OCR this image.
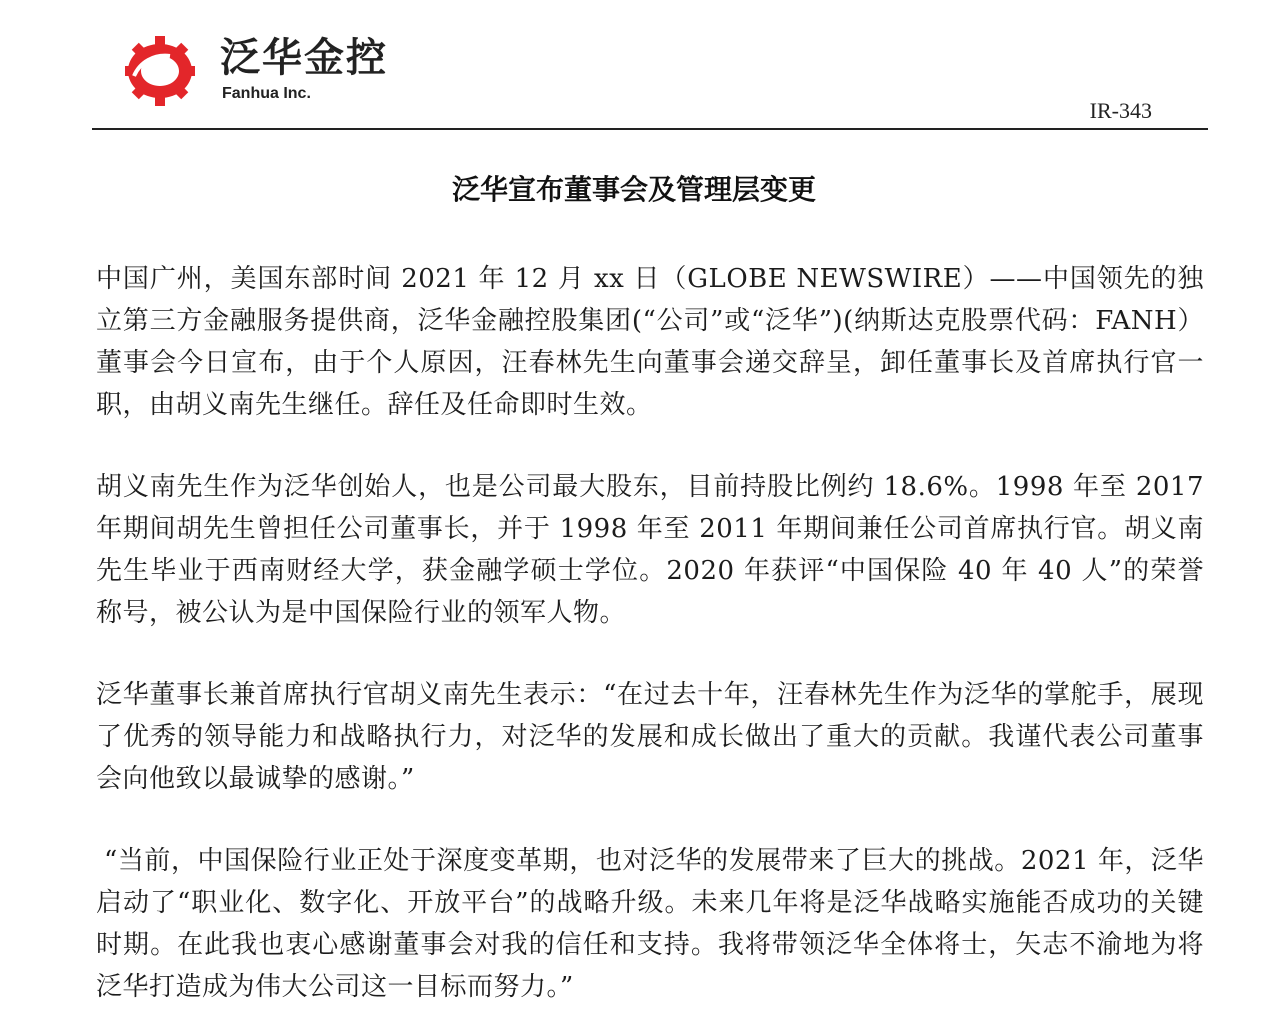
泛华金控
Fanhua Inc.
IR-343
泛华宣布董事会及管理层变更

中国广州，美国东部时间 2021 年 12 月 xx 日（GLOBE NEWSWIRE）——中国领先的独立第三方金融服务提供商，泛华金融控股集团(“公司”或“泛华”)(纳斯达克股票代码：FANH）董事会今日宣布，由于个人原因，汪春林先生向董事会递交辞呈，卸任董事长及首席执行官一职，由胡义南先生继任。辞任及任命即时生效。

胡义南先生作为泛华创始人，也是公司最大股东，目前持股比例约 18.6%。1998 年至 2017 年期间胡先生曾担任公司董事长，并于 1998 年至 2011 年期间兼任公司首席执行官。胡义南先生毕业于西南财经大学，获金融学硕士学位。2020 年获评“中国保险 40 年 40 人”的荣誉称号，被公认为是中国保险行业的领军人物。

泛华董事长兼首席执行官胡义南先生表示：“在过去十年，汪春林先生作为泛华的掌舵手，展现了优秀的领导能力和战略执行力，对泛华的发展和成长做出了重大的贡献。我谨代表公司董事会向他致以最诚挚的感谢。”

“当前，中国保险行业正处于深度变革期，也对泛华的发展带来了巨大的挑战。2021 年，泛华启动了“职业化、数字化、开放平台”的战略升级。未来几年将是泛华战略实施能否成功的关键时期。在此我也衷心感谢董事会对我的信任和支持。我将带领泛华全体将士，矢志不渝地为将泛华打造成为伟大公司这一目标而努力。”
